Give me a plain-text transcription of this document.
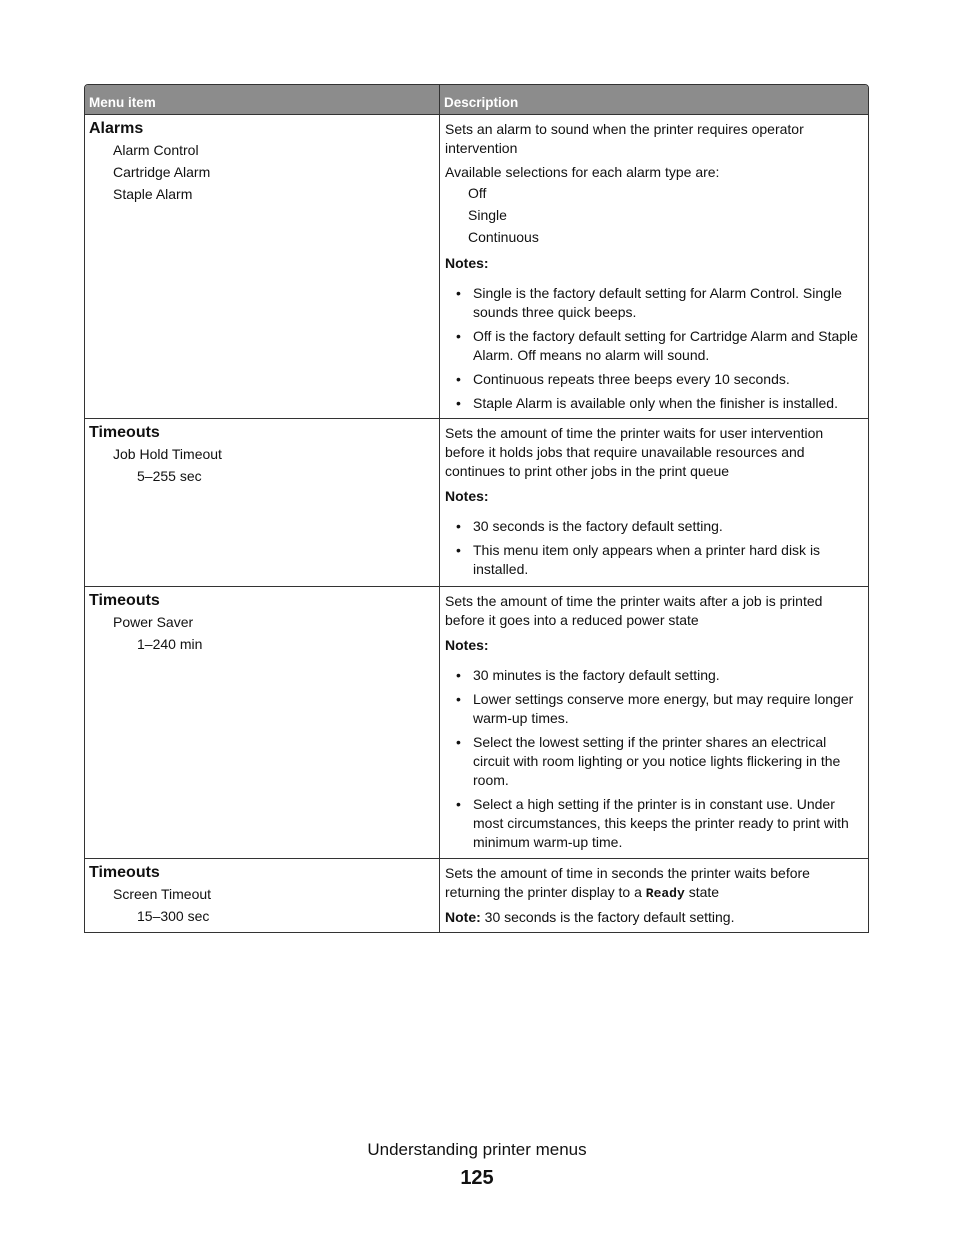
Menu item	Description
Alarms
Alarm Control
Cartridge Alarm
Staple Alarm
Sets an alarm to sound when the printer requires operator intervention
Available selections for each alarm type are:
Off
Single
Continuous
Notes:
• Single is the factory default setting for Alarm Control. Single sounds three quick beeps.
• Off is the factory default setting for Cartridge Alarm and Staple Alarm. Off means no alarm will sound.
• Continuous repeats three beeps every 10 seconds.
• Staple Alarm is available only when the finisher is installed.
Timeouts
Job Hold Timeout
5–255 sec
Sets the amount of time the printer waits for user intervention before it holds jobs that require unavailable resources and continues to print other jobs in the print queue
Notes:
• 30 seconds is the factory default setting.
• This menu item only appears when a printer hard disk is installed.
Timeouts
Power Saver
1–240 min
Sets the amount of time the printer waits after a job is printed before it goes into a reduced power state
Notes:
• 30 minutes is the factory default setting.
• Lower settings conserve more energy, but may require longer warm-up times.
• Select the lowest setting if the printer shares an electrical circuit with room lighting or you notice lights flickering in the room.
• Select a high setting if the printer is in constant use. Under most circumstances, this keeps the printer ready to print with minimum warm-up time.
Timeouts
Screen Timeout
15–300 sec
Sets the amount of time in seconds the printer waits before returning the printer display to a Ready state
Note: 30 seconds is the factory default setting.
Understanding printer menus
125
